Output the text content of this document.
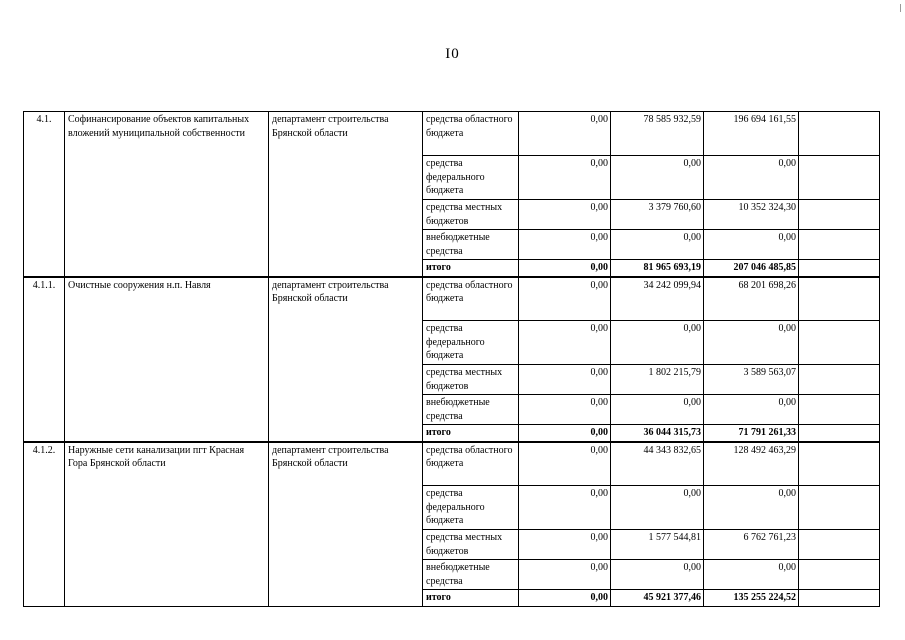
I0
4.1.	Софинансирование объектов капитальных вложений муниципальной собственности	департамент строительства Брянской области	средства областного бюджета	0,00	78 585 932,59	196 694 161,55	
			средства федерального бюджета	0,00	0,00	0,00	
			средства местных бюджетов	0,00	3 379 760,60	10 352 324,30	
			внебюджетные средства	0,00	0,00	0,00	
			итого	0,00	81 965 693,19	207 046 485,85	
4.1.1.	Очистные сооружения н.п. Навля	департамент строительства Брянской области	средства областного бюджета	0,00	34 242 099,94	68 201 698,26	
			средства федерального бюджета	0,00	0,00	0,00	
			средства местных бюджетов	0,00	1 802 215,79	3 589 563,07	
			внебюджетные средства	0,00	0,00	0,00	
			итого	0,00	36 044 315,73	71 791 261,33	
4.1.2.	Наружные сети канализации пгт Красная Гора Брянской области	департамент строительства Брянской области	средства областного бюджета	0,00	44 343 832,65	128 492 463,29	
			средства федерального бюджета	0,00	0,00	0,00	
			средства местных бюджетов	0,00	1 577 544,81	6 762 761,23	
			внебюджетные средства	0,00	0,00	0,00	
			итого	0,00	45 921 377,46	135 255 224,52	
